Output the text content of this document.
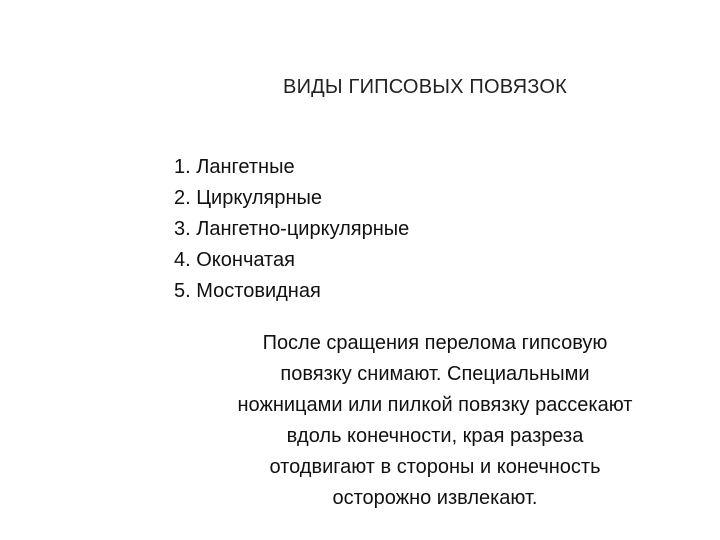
ВИДЫ ГИПСОВЫХ ПОВЯЗОК
1. Лангетные
2. Циркулярные
3. Лангетно-циркулярные
4. Окончатая
5. Мостовидная
После сращения перелома гипсовую
повязку снимают. Специальными
ножницами или пилкой повязку рассекают
вдоль конечности, края разреза
отодвигают в стороны и конечность
осторожно извлекают.
